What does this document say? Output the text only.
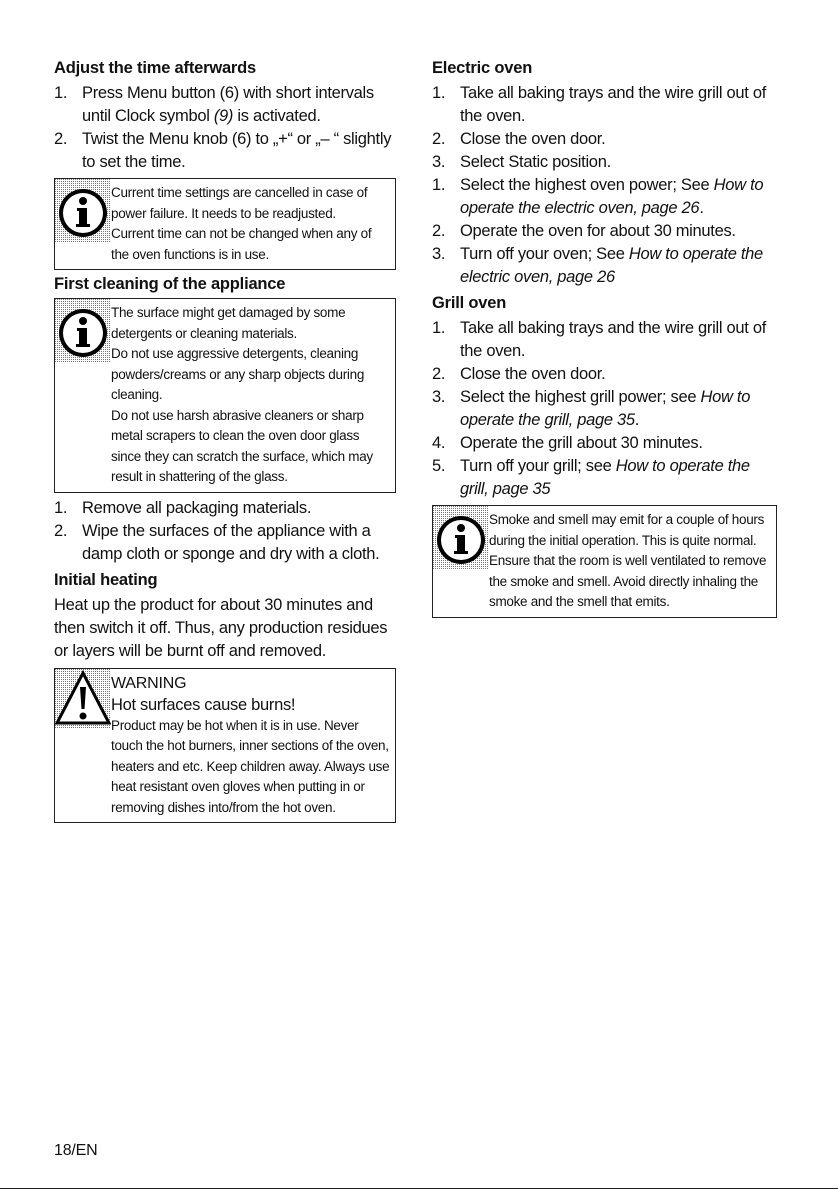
Adjust the time afterwards
1. Press Menu button (6) with short intervals until Clock symbol (9) is activated.
2. Twist the Menu knob (6) to „+“ or „– “ slightly to set the time.
Current time settings are cancelled in case of power failure. It needs to be readjusted.
Current time can not be changed when any of the oven functions is in use.
First cleaning of the appliance
The surface might get damaged by some detergents or cleaning materials.
Do not use aggressive detergents, cleaning powders/creams or any sharp objects during cleaning.
Do not use harsh abrasive cleaners or sharp metal scrapers to clean the oven door glass since they can scratch the surface, which may result in shattering of the glass.
1. Remove all packaging materials.
2. Wipe the surfaces of the appliance with a damp cloth or sponge and dry with a cloth.
Initial heating

Heat up the product for about 30 minutes and then switch it off. Thus, any production residues or layers will be burnt off and removed.

WARNING
Hot surfaces cause burns!
Product may be hot when it is in use. Never touch the hot burners, inner sections of the oven, heaters and etc. Keep children away. Always use heat resistant oven gloves when putting in or removing dishes into/from the hot oven.
Electric oven
1. Take all baking trays and the wire grill out of the oven.
2. Close the oven door.
3. Select Static position.
1. Select the highest oven power; See How to operate the electric oven, page 26.
2. Operate the oven for about 30 minutes.
3. Turn off your oven; See How to operate the electric oven, page 26
Grill oven
1. Take all baking trays and the wire grill out of the oven.
2. Close the oven door.
3. Select the highest grill power; see How to operate the grill, page 35.
4. Operate the grill about 30 minutes.
5. Turn off your grill; see How to operate the grill, page 35
Smoke and smell may emit for a couple of hours during the initial operation. This is quite normal. Ensure that the room is well ventilated to remove the smoke and smell. Avoid directly inhaling the smoke and the smell that emits.
18/EN
